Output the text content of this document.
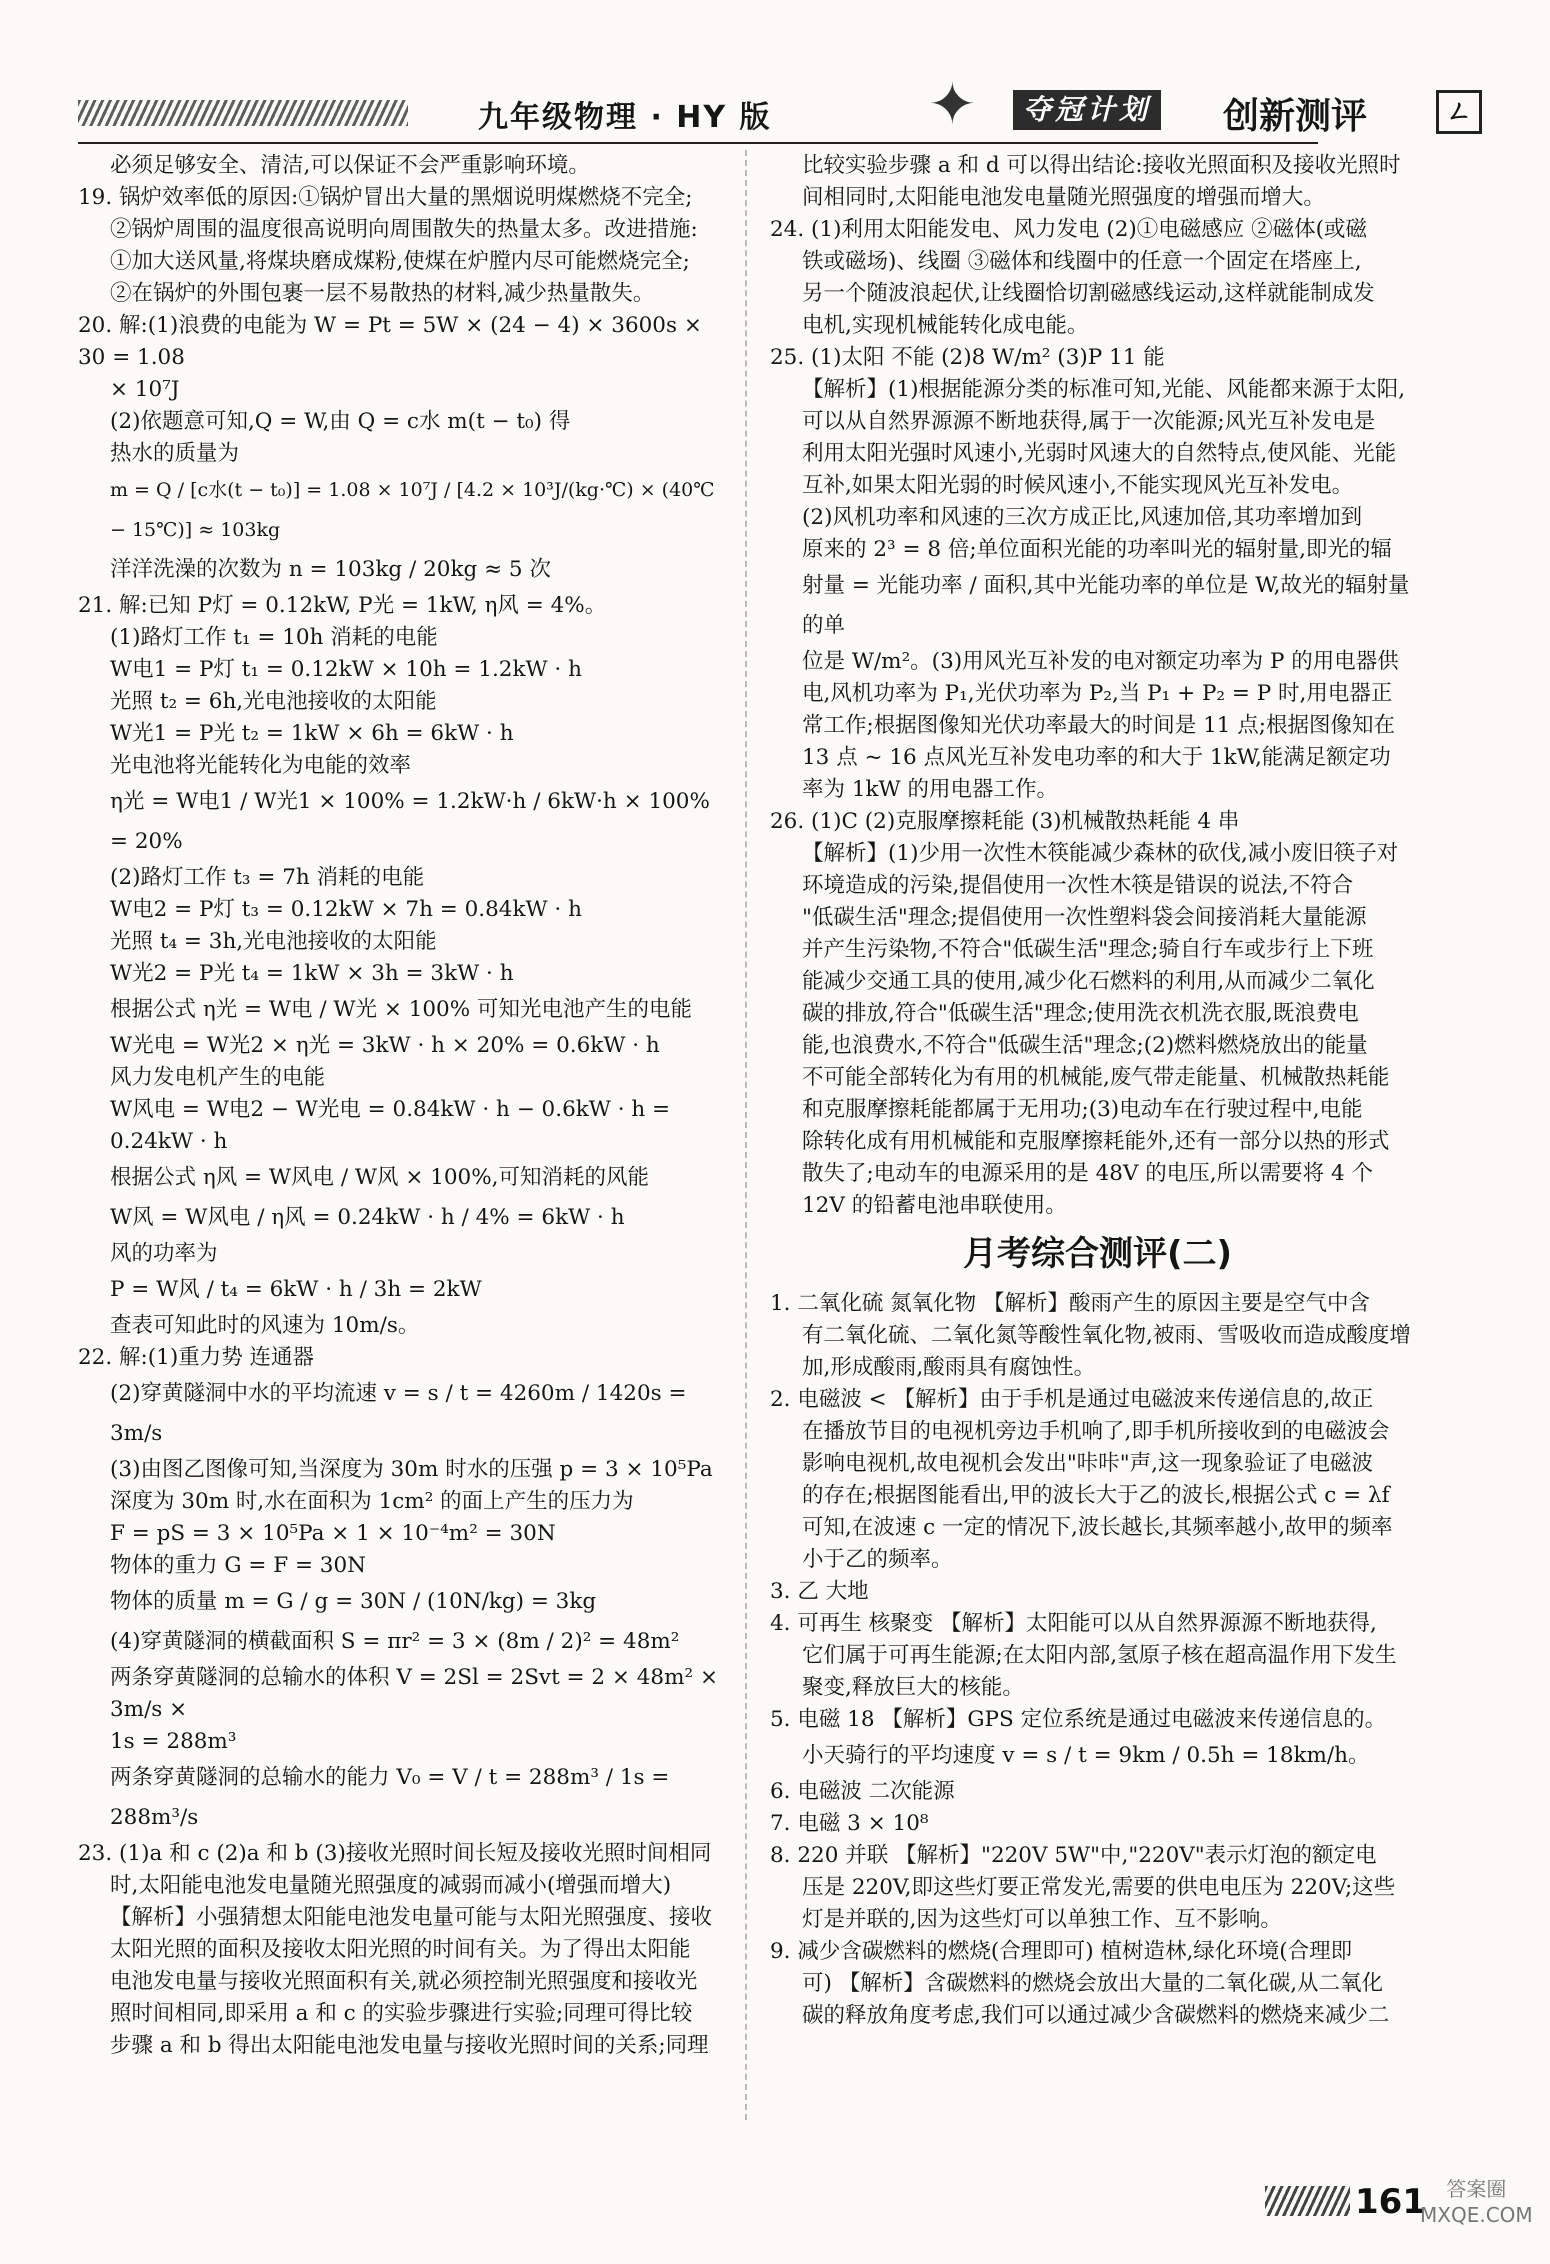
九年级物理 · HY 版	✦	夺冠计划 创新测评	ㄥ

必须足够安全、清洁,可以保证不会严重影响环境。

19. 锅炉效率低的原因:①锅炉冒出大量的黑烟说明煤燃烧不完全;

②锅炉周围的温度很高说明向周围散失的热量太多。改进措施:

①加大送风量,将煤块磨成煤粉,使煤在炉膛内尽可能燃烧完全;

②在锅炉的外围包裹一层不易散热的材料,减少热量散失。

20. 解:(1)浪费的电能为 W = Pt = 5W × (24 − 4) × 3600s × 30 = 1.08

× 10⁷J

(2)依题意可知,Q = W,由 Q = c水 m(t − t₀) 得

热水的质量为

m = Q / [c水(t − t₀)] = 1.08 × 10⁷J / [4.2 × 10³J/(kg·℃) × (40℃ − 15℃)] ≈ 103kg

洋洋洗澡的次数为 n = 103kg / 20kg ≈ 5 次

21. 解:已知 P灯 = 0.12kW, P光 = 1kW, η风 = 4%。

(1)路灯工作 t₁ = 10h 消耗的电能

W电1 = P灯 t₁ = 0.12kW × 10h = 1.2kW · h

光照 t₂ = 6h,光电池接收的太阳能

W光1 = P光 t₂ = 1kW × 6h = 6kW · h

光电池将光能转化为电能的效率

η光 = W电1 / W光1 × 100% = 1.2kW·h / 6kW·h × 100% = 20%

(2)路灯工作 t₃ = 7h 消耗的电能

W电2 = P灯 t₃ = 0.12kW × 7h = 0.84kW · h

光照 t₄ = 3h,光电池接收的太阳能

W光2 = P光 t₄ = 1kW × 3h = 3kW · h

根据公式 η光 = W电 / W光 × 100% 可知光电池产生的电能

W光电 = W光2 × η光 = 3kW · h × 20% = 0.6kW · h

风力发电机产生的电能

W风电 = W电2 − W光电 = 0.84kW · h − 0.6kW · h = 0.24kW · h

根据公式 η风 = W风电 / W风 × 100%,可知消耗的风能

W风 = W风电 / η风 = 0.24kW · h / 4% = 6kW · h

风的功率为

P = W风 / t₄ = 6kW · h / 3h = 2kW

查表可知此时的风速为 10m/s。

22. 解:(1)重力势 连通器

(2)穿黄隧洞中水的平均流速 v = s / t = 4260m / 1420s = 3m/s

(3)由图乙图像可知,当深度为 30m 时水的压强 p = 3 × 10⁵Pa

深度为 30m 时,水在面积为 1cm² 的面上产生的压力为

F = pS = 3 × 10⁵Pa × 1 × 10⁻⁴m² = 30N

物体的重力 G = F = 30N

物体的质量 m = G / g = 30N / (10N/kg) = 3kg

(4)穿黄隧洞的横截面积 S = πr² = 3 × (8m / 2)² = 48m²

两条穿黄隧洞的总输水的体积 V = 2Sl = 2Svt = 2 × 48m² × 3m/s ×

1s = 288m³

两条穿黄隧洞的总输水的能力 V₀ = V / t = 288m³ / 1s = 288m³/s

23. (1)a 和 c (2)a 和 b (3)接收光照时间长短及接收光照时间相同

时,太阳能电池发电量随光照强度的减弱而减小(增强而增大)

【解析】小强猜想太阳能电池发电量可能与太阳光照强度、接收

太阳光照的面积及接收太阳光照的时间有关。为了得出太阳能

电池发电量与接收光照面积有关,就必须控制光照强度和接收光

照时间相同,即采用 a 和 c 的实验步骤进行实验;同理可得比较

步骤 a 和 b 得出太阳能电池发电量与接收光照时间的关系;同理

比较实验步骤 a 和 d 可以得出结论:接收光照面积及接收光照时

间相同时,太阳能电池发电量随光照强度的增强而增大。

24. (1)利用太阳能发电、风力发电 (2)①电磁感应 ②磁体(或磁

铁或磁场)、线圈 ③磁体和线圈中的任意一个固定在塔座上,

另一个随波浪起伏,让线圈恰切割磁感线运动,这样就能制成发

电机,实现机械能转化成电能。

25. (1)太阳 不能 (2)8 W/m² (3)P 11 能

【解析】(1)根据能源分类的标准可知,光能、风能都来源于太阳,

可以从自然界源源不断地获得,属于一次能源;风光互补发电是

利用太阳光强时风速小,光弱时风速大的自然特点,使风能、光能

互补,如果太阳光弱的时候风速小,不能实现风光互补发电。

(2)风机功率和风速的三次方成正比,风速加倍,其功率增加到

原来的 2³ = 8 倍;单位面积光能的功率叫光的辐射量,即光的辐

射量 = 光能功率 / 面积,其中光能功率的单位是 W,故光的辐射量的单

位是 W/m²。(3)用风光互补发的电对额定功率为 P 的用电器供

电,风机功率为 P₁,光伏功率为 P₂,当 P₁ + P₂ = P 时,用电器正

常工作;根据图像知光伏功率最大的时间是 11 点;根据图像知在

13 点 ~ 16 点风光互补发电功率的和大于 1kW,能满足额定功

率为 1kW 的用电器工作。

26. (1)C (2)克服摩擦耗能 (3)机械散热耗能 4 串

【解析】(1)少用一次性木筷能减少森林的砍伐,减小废旧筷子对

环境造成的污染,提倡使用一次性木筷是错误的说法,不符合

"低碳生活"理念;提倡使用一次性塑料袋会间接消耗大量能源

并产生污染物,不符合"低碳生活"理念;骑自行车或步行上下班

能减少交通工具的使用,减少化石燃料的利用,从而减少二氧化

碳的排放,符合"低碳生活"理念;使用洗衣机洗衣服,既浪费电

能,也浪费水,不符合"低碳生活"理念;(2)燃料燃烧放出的能量

不可能全部转化为有用的机械能,废气带走能量、机械散热耗能

和克服摩擦耗能都属于无用功;(3)电动车在行驶过程中,电能

除转化成有用机械能和克服摩擦耗能外,还有一部分以热的形式

散失了;电动车的电源采用的是 48V 的电压,所以需要将 4 个

12V 的铅蓄电池串联使用。

月考综合测评(二)

1. 二氧化硫 氮氧化物 【解析】酸雨产生的原因主要是空气中含

有二氧化硫、二氧化氮等酸性氧化物,被雨、雪吸收而造成酸度增

加,形成酸雨,酸雨具有腐蚀性。

2. 电磁波 < 【解析】由于手机是通过电磁波来传递信息的,故正

在播放节目的电视机旁边手机响了,即手机所接收到的电磁波会

影响电视机,故电视机会发出"咔咔"声,这一现象验证了电磁波

的存在;根据图能看出,甲的波长大于乙的波长,根据公式 c = λf

可知,在波速 c 一定的情况下,波长越长,其频率越小,故甲的频率

小于乙的频率。

3. 乙 大地

4. 可再生 核聚变 【解析】太阳能可以从自然界源源不断地获得,

它们属于可再生能源;在太阳内部,氢原子核在超高温作用下发生

聚变,释放巨大的核能。

5. 电磁 18 【解析】GPS 定位系统是通过电磁波来传递信息的。

小天骑行的平均速度 v = s / t = 9km / 0.5h = 18km/h。

6. 电磁波 二次能源

7. 电磁 3 × 10⁸

8. 220 并联 【解析】"220V 5W"中,"220V"表示灯泡的额定电

压是 220V,即这些灯要正常发光,需要的供电电压为 220V;这些

灯是并联的,因为这些灯可以单独工作、互不影响。

9. 减少含碳燃料的燃烧(合理即可) 植树造林,绿化环境(合理即

可) 【解析】含碳燃料的燃烧会放出大量的二氧化碳,从二氧化

碳的释放角度考虑,我们可以通过减少含碳燃料的燃烧来减少二

161	答案圈
MXQE.COM
